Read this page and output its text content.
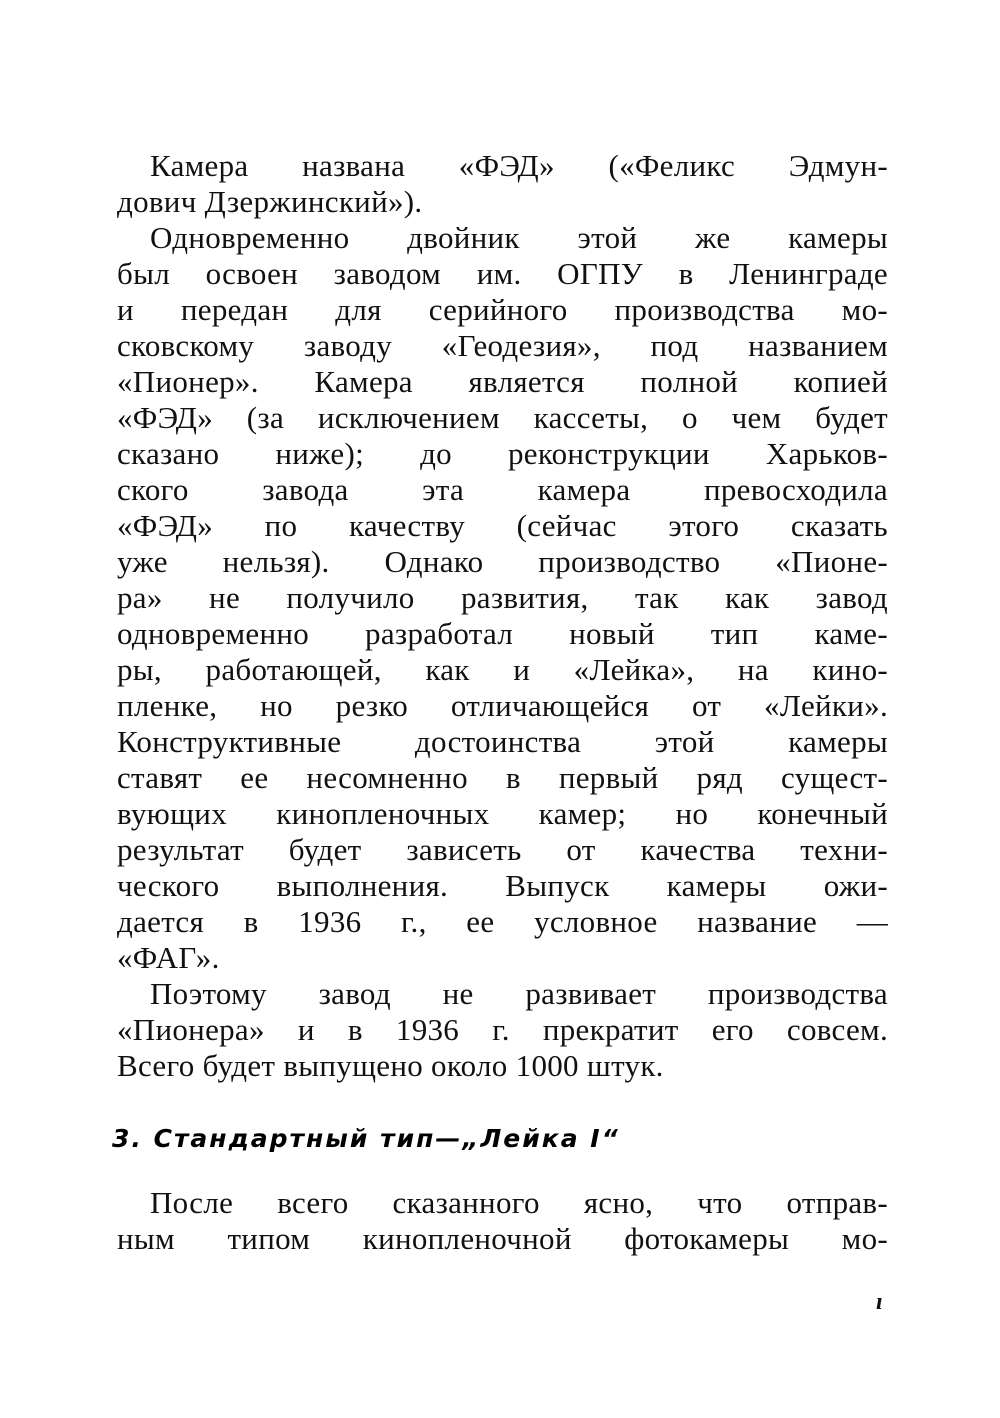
Камера названа «ФЭД» («Феликс Эдмун-
дович Дзержинский»).
Одновременно двойник этой же камеры
был освоен заводом им. ОГПУ в Ленинграде
и передан для серийного производства мо-
сковскому заводу «Геодезия», под названием
«Пионер». Камера является полной копией
«ФЭД» (за исключением кассеты, о чем будет
сказано ниже); до реконструкции Харьков-
ского завода эта камера превосходила
«ФЭД» по качеству (сейчас этого сказать
уже нельзя). Однако производство «Пионе-
ра» не получило развития, так как завод
одновременно разработал новый тип каме-
ры, работающей, как и «Лейка», на кино-
пленке, но резко отличающейся от «Лейки».
Конструктивные достоинства этой камеры
ставят ее несомненно в первый ряд сущест-
вующих кинопленочных камер; но конечный
результат будет зависеть от качества техни-
ческого выполнения. Выпуск камеры ожи-
дается в 1936 г., ее условное название —
«ФАГ».
Поэтому завод не развивает производства
«Пионера» и в 1936 г. прекратит его совсем.
Всего будет выпущено около 1000 штук.
3. Стандартный тип—„Лейка I“
После всего сказанного ясно, что отправ-
ным типом кинопленочной фотокамеры мо-
ı
